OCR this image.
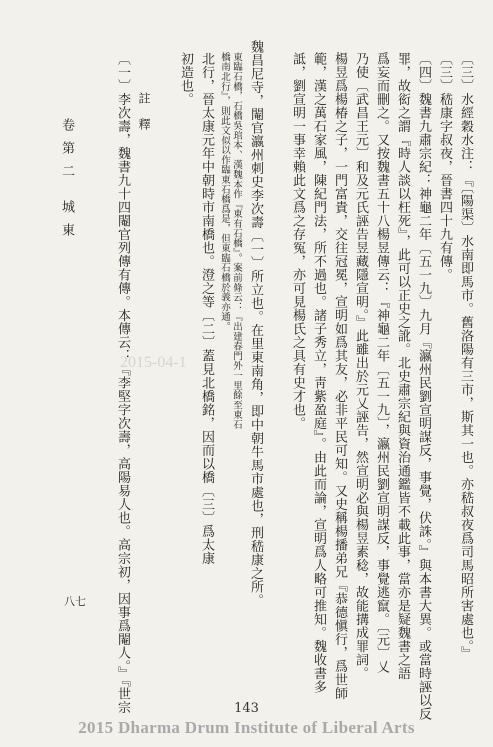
〔三〕水經穀水注：『〔陽渠〕水南即馬市。舊洛陽有三市，斯其一也。亦嵇叔夜爲司馬昭所害處也。』
〔三〕嵇康字叔夜，晉書四十九有傳。
〔四〕魏書九肅宗紀：神龜二年〔五一九〕九月『瀛州民劉宣明謀反，事覺，伏誅。』與本書大異。或當時誣以反
罪，故衒之謂『時人談以枉死』，此可以正史之訛。北史肅宗紀與資治通鑑皆不載此事，當亦是疑魏書之語
爲妄而刪之。又按魏書五十八楊昱傳云：『神龜二年〔五一九〕，瀛州民劉宣明謀反，事覺逃竄。〔元〕乂
乃使〔武昌王元〕和及元氏誣告昱藏隱宣明。』此雖出於元乂誣告，然宣明必與楊昱素稔，故能搆成罪詞。
楊昱爲楊椿之子，一門富貴，交往冠冕，宣明如爲其友，必非平民可知。又史稱楊播弟兄『恭德愼行，爲世師
範，漢之萬石家風，陳紀門法，所不過也。諸子秀立，靑紫盈庭』。由此而論，宣明爲人略可推知。魏收書多
詆，劉宣明一事幸賴此文爲之存冤，亦可見楊氏之具有史才也。
魏昌尼寺，閹官瀛州刺史李次壽〔一〕所立也。在里東南角，即中朝牛馬市處也，刑嵇康之所。
東臨石橋，石橋吳琯本、漢魏本作『東有石橋』。案前條云：『出建春門外一里餘至東石
橋南北行』，則此文似以作臨東石橋爲是，但東臨石橋於義亦通。
北行，晉太康元年中朝時市南橋也。澄之等〔二〕蓋見北橋銘，因而以橋〔三〕爲太康
初造也。
註　釋
〔一〕李次壽，魏書九十四閹官列傳有傳。本傳云：『李堅字次壽，高陽易人也。高宗初，因事爲閹人。』『世宗
卷第二
城東
八七
2015-04-1
143
2015 Dharma Drum Institute of Liberal Arts
